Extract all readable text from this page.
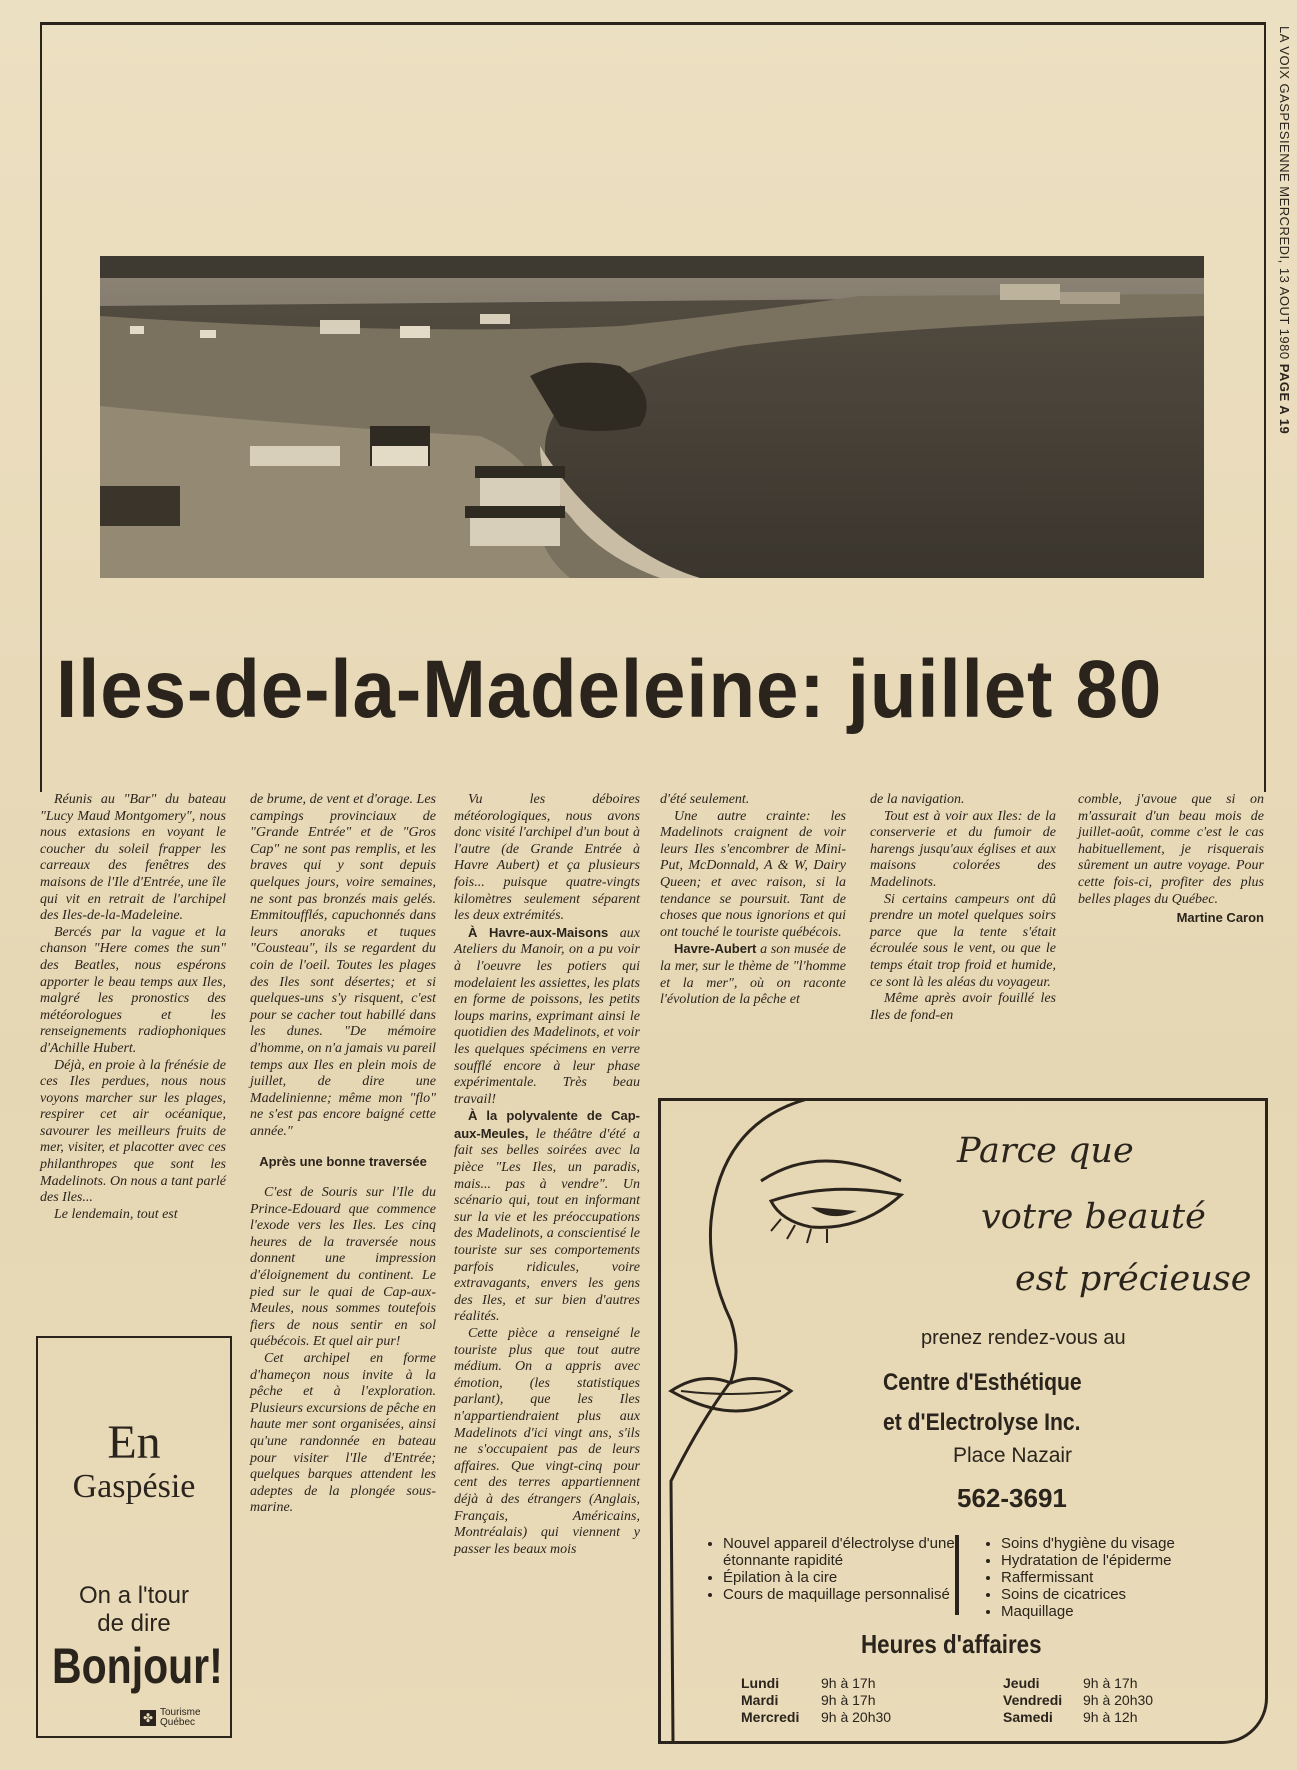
LA VOIX GASPESIENNE MERCREDI, 13 AOUT 1980 PAGE A 19
Iles-de-la-Madeleine: juillet 80

Réunis au "Bar" du bateau "Lucy Maud Montgomery", nous nous extasions en voyant le coucher du soleil frapper les carreaux des fenêtres des maisons de l'Ile d'Entrée, une île qui vit en retrait de l'archipel des Iles-de-la-Madeleine.

Bercés par la vague et la chanson "Here comes the sun" des Beatles, nous espérons apporter le beau temps aux Iles, malgré les pronostics des météorologues et les renseignements radiophoniques d'Achille Hubert.

Déjà, en proie à la frénésie de ces Iles perdues, nous nous voyons marcher sur les plages, respirer cet air océanique, savourer les meilleurs fruits de mer, visiter, et placotter avec ces philanthropes que sont les Madelinots. On nous a tant parlé des Iles...

Le lendemain, tout est

de brume, de vent et d'orage. Les campings provinciaux de "Grande Entrée" et de "Gros Cap" ne sont pas remplis, et les braves qui y sont depuis quelques jours, voire semaines, ne sont pas bronzés mais gelés. Emmitoufflés, capuchonnés dans leurs anoraks et tuques "Cousteau", ils se regardent du coin de l'oeil. Toutes les plages des Iles sont désertes; et si quelques-uns s'y risquent, c'est pour se cacher tout habillé dans les dunes. "De mémoire d'homme, on n'a jamais vu pareil temps aux Iles en plein mois de juillet, de dire une Madelinienne; même mon "flo" ne s'est pas encore baigné cette année."

Après une bonne traversée

C'est de Souris sur l'Ile du Prince-Edouard que commence l'exode vers les Iles. Les cinq heures de la traversée nous donnent une impression d'éloignement du continent. Le pied sur le quai de Cap-aux-Meules, nous sommes toutefois fiers de nous sentir en sol québécois. Et quel air pur!

Cet archipel en forme d'hameçon nous invite à la pêche et à l'exploration. Plusieurs excursions de pêche en haute mer sont organisées, ainsi qu'une randonnée en bateau pour visiter l'Ile d'Entrée; quelques barques attendent les adeptes de la plongée sous-marine.

Vu les déboires météorologiques, nous avons donc visité l'archipel d'un bout à l'autre (de Grande Entrée à Havre Aubert) et ça plusieurs fois... puisque quatre-vingts kilomètres seulement séparent les deux extrémités.

À Havre-aux-Maisons aux Ateliers du Manoir, on a pu voir à l'oeuvre les potiers qui modelaient les assiettes, les plats en forme de poissons, les petits loups marins, exprimant ainsi le quotidien des Madelinots, et voir les quelques spécimens en verre soufflé encore à leur phase expérimentale. Très beau travail!

À la polyvalente de Cap-aux-Meules, le théâtre d'été a fait ses belles soirées avec la pièce "Les Iles, un paradis, mais... pas à vendre". Un scénario qui, tout en informant sur la vie et les préoccupations des Madelinots, a conscientisé le touriste sur ses comportements parfois ridicules, voire extravagants, envers les gens des Iles, et sur bien d'autres réalités.

Cette pièce a renseigné le touriste plus que tout autre médium. On a appris avec émotion, (les statistiques parlant), que les Iles n'appartiendraient plus aux Madelinots d'ici vingt ans, s'ils ne s'occupaient pas de leurs affaires. Que vingt-cinq pour cent des terres appartiennent déjà à des étrangers (Anglais, Français, Américains, Montréalais) qui viennent y passer les beaux mois

d'été seulement.

Une autre crainte: les Madelinots craignent de voir leurs Iles s'encombrer de Mini-Put, McDonnald, A & W, Dairy Queen; et avec raison, si la tendance se poursuit. Tant de choses que nous ignorions et qui ont touché le touriste québécois.

Havre-Aubert a son musée de la mer, sur le thème de "l'homme et la mer", où on raconte l'évolution de la pêche et

de la navigation.

Tout est à voir aux Iles: de la conserverie et du fumoir de harengs jusqu'aux églises et aux maisons colorées des Madelinots.

Si certains campeurs ont dû prendre un motel quelques soirs parce que la tente s'était écroulée sous le vent, ou que le temps était trop froid et humide, ce sont là les aléas du voyageur.

Même après avoir fouillé les Iles de fond-en

comble, j'avoue que si on m'assurait d'un beau mois de juillet-août, comme c'est le cas habituellement, je risquerais sûrement un autre voyage. Pour cette fois-ci, profiter des plus belles plages du Québec.

Martine Caron

En
Gaspésie
On a l'tour
de dire
Bonjour!
✤ Tourisme
Québec
Parce que
votre beauté
est précieuse
prenez rendez-vous au
Centre d'Esthétique
et d'Electrolyse Inc.
Place Nazair
562-3691
• Nouvel appareil d'électrolyse d'une étonnante rapidité
• Épilation à la cire
• Cours de maquillage personnalisé
• Soins d'hygiène du visage
• Hydratation de l'épiderme
• Raffermissant
• Soins de cicatrices
• Maquillage
Heures d'affaires
Lundi	9h à 17h
Mardi	9h à 17h
Mercredi 9h à 20h30
Jeudi	9h à 17h
Vendredi 9h à 20h30
Samedi 9h à 12h
